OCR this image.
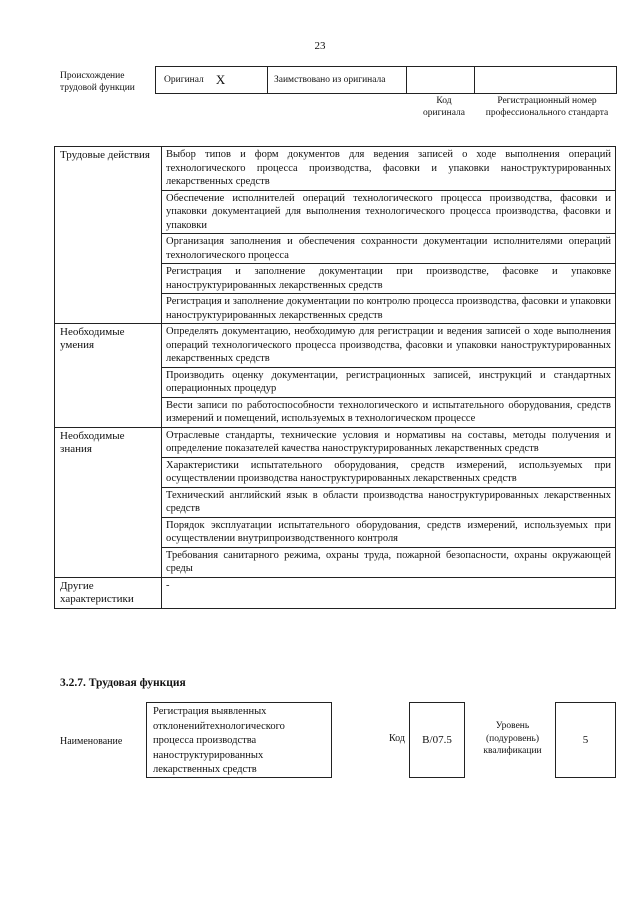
23
Происхождение трудовой функции
Оригинал X	Заимствовано из оригинала
Код оригинала
Регистрационный номер профессионального стандарта
Трудовые действия	Выбор типов и форм документов для ведения записей о ходе выполнения операций технологического процесса производства, фасовки и упаковки наноструктурированных лекарственных средств
	Обеспечение исполнителей операций технологического процесса производства, фасовки и упаковки документацией для выполнения технологического процесса производства, фасовки и упаковки
	Организация заполнения и обеспечения сохранности документации исполнителями операций технологического процесса
	Регистрация и заполнение документации при производстве, фасовке и упаковке наноструктурированных лекарственных средств
	Регистрация и заполнение документации по контролю процесса производства, фасовки и упаковки наноструктурированных лекарственных средств
Необходимые умения	Определять документацию, необходимую для регистрации и ведения записей о ходе выполнения операций технологического процесса производства, фасовки и упаковки наноструктурированных лекарственных средств
	Производить оценку документации, регистрационных записей, инструкций и стандартных операционных процедур
	Вести записи по работоспособности технологического и испытательного оборудования, средств измерений и помещений, используемых в технологическом процессе
Необходимые знания	Отраслевые стандарты, технические условия и нормативы на составы, методы получения и определение показателей качества наноструктурированных лекарственных средств
	Характеристики испытательного оборудования, средств измерений, используемых при осуществлении производства наноструктурированных лекарственных средств
	Технический английский язык в области производства наноструктурированных лекарственных средств
	Порядок эксплуатации испытательного оборудования, средств измерений, используемых при осуществлении внутрипроизводственного контроля
	Требования санитарного режима, охраны труда, пожарной безопасности, охраны окружающей среды
Другие характеристики	-
3.2.7. Трудовая функция
Наименование
Регистрация выявленных отклоненийтехнологического процесса производства наноструктурированных лекарственных средств
Код B/07.5
Уровень (подуровень) квалификации
5
